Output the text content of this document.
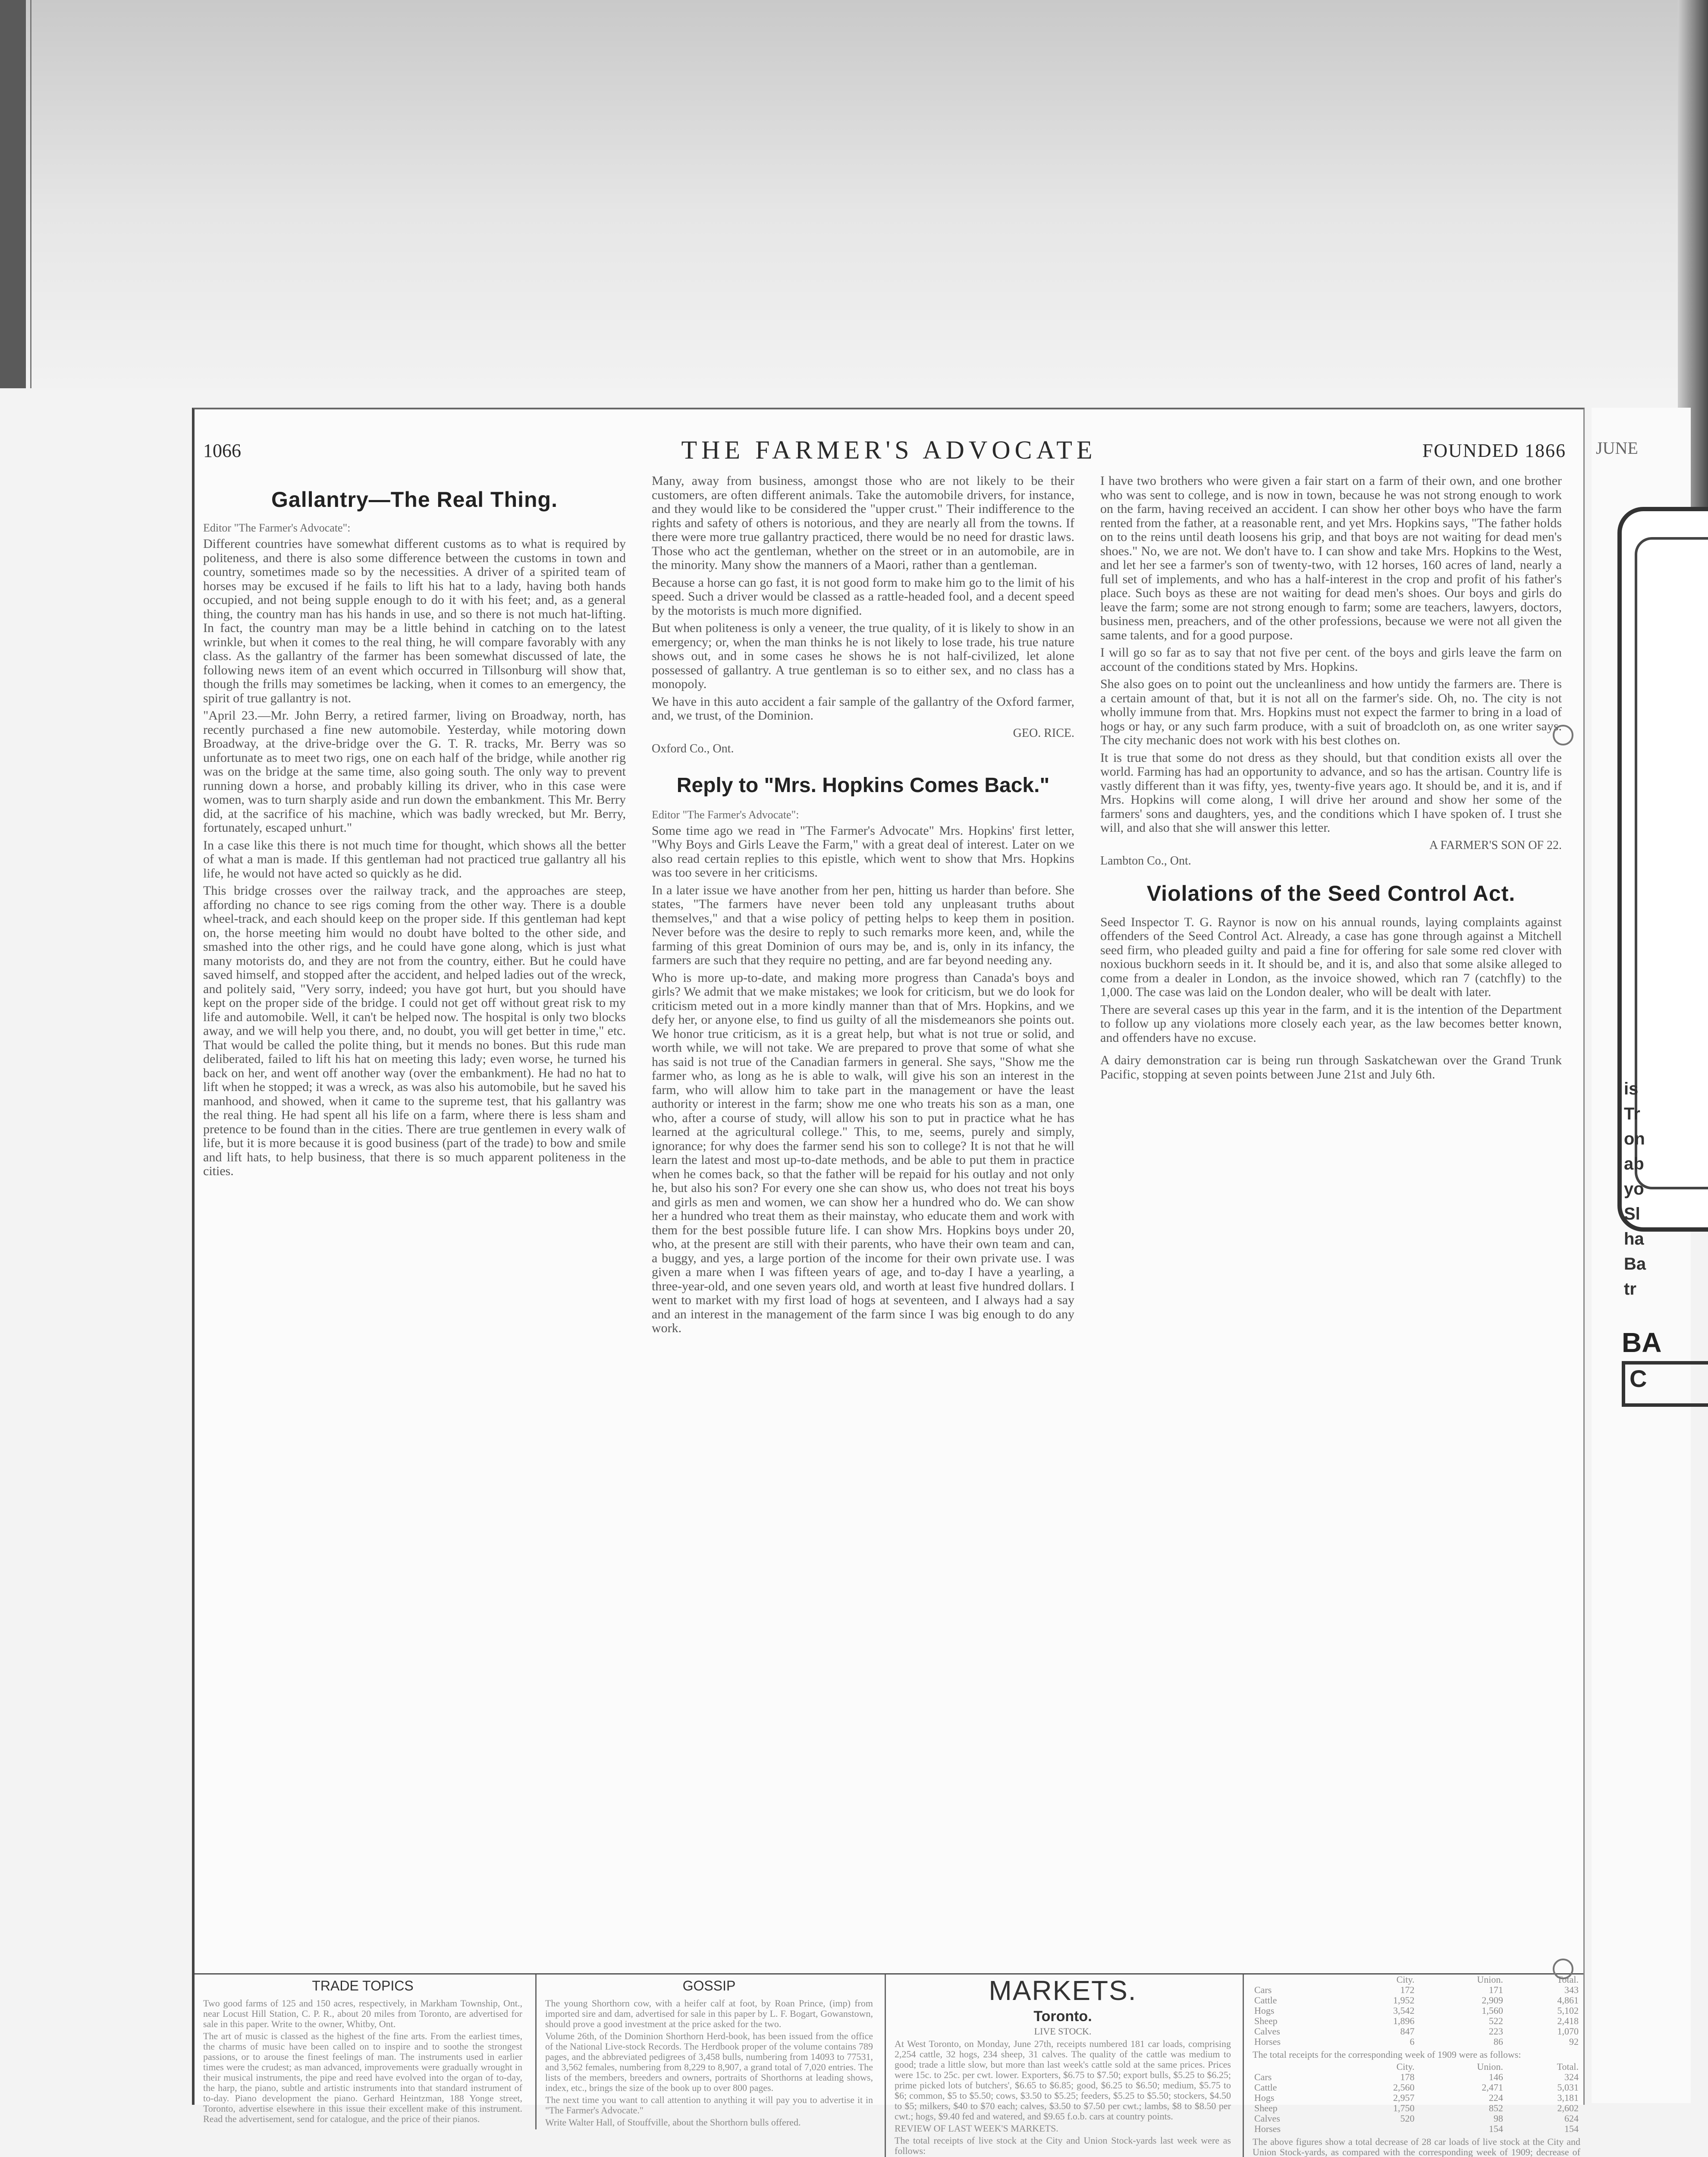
THE FARMER'S ADVOCATE
1066	FOUNDED 1866
Gallantry—The Real Thing.
Editor "The Farmer's Advocate":

Different countries have somewhat different customs as to what is required by politeness, and there is also some difference between the customs in town and country, sometimes made so by the necessities. A driver of a spirited team of horses may be excused if he fails to lift his hat to a lady, having both hands occupied, and not being supple enough to do it with his feet; and, as a general thing, the country man has his hands in use, and so there is not much hat-lifting. In fact, the country man may be a little behind in catching on to the latest wrinkle, but when it comes to the real thing, he will compare favorably with any class. As the gallantry of the farmer has been somewhat discussed of late, the following news item of an event which occurred in Tillsonburg will show that, though the frills may sometimes be lacking, when it comes to an emergency, the spirit of true gallantry is not.

"April 23.—Mr. John Berry, a retired farmer, living on Broadway, north, has recently purchased a fine new automobile. Yesterday, while motoring down Broadway, at the drive-bridge over the G. T. R. tracks, Mr. Berry was so unfortunate as to meet two rigs, one on each half of the bridge, while another rig was on the bridge at the same time, also going south. The only way to prevent running down a horse, and probably killing its driver, who in this case were women, was to turn sharply aside and run down the embankment. This Mr. Berry did, at the sacrifice of his machine, which was badly wrecked, but Mr. Berry, fortunately, escaped unhurt."

In a case like this there is not much time for thought, which shows all the better of what a man is made. If this gentleman had not practiced true gallantry all his life, he would not have acted so quickly as he did.

This bridge crosses over the railway track, and the approaches are steep, affording no chance to see rigs coming from the other way. There is a double wheel-track, and each should keep on the proper side. If this gentleman had kept on, the horse meeting him would no doubt have bolted to the other side, and smashed into the other rigs, and he could have gone along, which is just what many motorists do, and they are not from the country, either. But he could have saved himself, and stopped after the accident, and helped ladies out of the wreck, and politely said, "Very sorry, indeed; you have got hurt, but you should have kept on the proper side of the bridge. I could not get off without great risk to my life and automobile. Well, it can't be helped now. The hospital is only two blocks away, and we will help you there, and, no doubt, you will get better in time," etc. That would be called the polite thing, but it mends no bones. But this rude man deliberated, failed to lift his hat on meeting this lady; even worse, he turned his back on her, and went off another way (over the embankment). He had no hat to lift when he stopped; it was a wreck, as was also his automobile, but he saved his manhood, and showed, when it came to the supreme test, that his gallantry was the real thing. He had spent all his life on a farm, where there is less sham and pretence to be found than in the cities. There are true gentlemen in every walk of life, but it is more because it is good business (part of the trade) to bow and smile and lift hats, to help business, that there is so much apparent politeness in the cities.

Many, away from business, amongst those who are not likely to be their customers, are often different animals. Take the automobile drivers, for instance, and they would like to be considered the "upper crust." Their indifference to the rights and safety of others is notorious, and they are nearly all from the towns. If there were more true gallantry practiced, there would be no need for drastic laws. Those who act the gentleman, whether on the street or in an automobile, are in the minority. Many show the manners of a Maori, rather than a gentleman.

Because a horse can go fast, it is not good form to make him go to the limit of his speed. Such a driver would be classed as a rattle-headed fool, and a decent speed by the motorists is much more dignified.

But when politeness is only a veneer, the true quality, of it is likely to show in an emergency; or, when the man thinks he is not likely to lose trade, his true nature shows out, and in some cases he shows he is not half-civilized, let alone possessed of gallantry. A true gentleman is so to either sex, and no class has a monopoly.

We have in this auto accident a fair sample of the gallantry of the Oxford farmer, and, we trust, of the Dominion.

GEO. RICE.
Oxford Co., Ont.
Reply to "Mrs. Hopkins Comes Back."
Editor "The Farmer's Advocate":

Some time ago we read in "The Farmer's Advocate" Mrs. Hopkins' first letter, "Why Boys and Girls Leave the Farm," with a great deal of interest. Later on we also read certain replies to this epistle, which went to show that Mrs. Hopkins was too severe in her criticisms.

In a later issue we have another from her pen, hitting us harder than before. She states, "The farmers have never been told any unpleasant truths about themselves," and that a wise policy of petting helps to keep them in position. Never before was the desire to reply to such remarks more keen, and, while the farming of this great Dominion of ours may be, and is, only in its infancy, the farmers are such that they require no petting, and are far beyond needing any.

Who is more up-to-date, and making more progress than Canada's boys and girls? We admit that we make mistakes; we look for criticism, but we do look for criticism meted out in a more kindly manner than that of Mrs. Hopkins, and we defy her, or anyone else, to find us guilty of all the misdemeanors she points out. We honor true criticism, as it is a great help, but what is not true or solid, and worth while, we will not take. We are prepared to prove that some of what she has said is not true of the Canadian farmers in general. She says, "Show me the farmer who, as long as he is able to walk, will give his son an interest in the farm, who will allow him to take part in the management or have the least authority or interest in the farm; show me one who treats his son as a man, one who, after a course of study, will allow his son to put in practice what he has learned at the agricultural college." This, to me, seems, purely and simply, ignorance; for why does the farmer send his son to college? It is not that he will learn the latest and most up-to-date methods, and be able to put them in practice when he comes back, so that the father will be repaid for his outlay and not only he, but also his son? For every one she can show us, who does not treat his boys and girls as men and women, we can show her a hundred who do. We can show her a hundred who treat them as their mainstay, who educate them and work with them for the best possible future life. I can show Mrs. Hopkins boys under 20, who, at the present are still with their parents, who have their own team and can, a buggy, and yes, a large portion of the income for their own private use. I was given a mare when I was fifteen years of age, and to-day I have a yearling, a three-year-old, and one seven years old, and worth at least five hundred dollars. I went to market with my first load of hogs at seventeen, and I always had a say and an interest in the management of the farm since I was big enough to do any work.

I have two brothers who were given a fair start on a farm of their own, and one brother who was sent to college, and is now in town, because he was not strong enough to work on the farm, having received an accident. I can show her other boys who have the farm rented from the father, at a reasonable rent, and yet Mrs. Hopkins says, "The father holds on to the reins until death loosens his grip, and that boys are not waiting for dead men's shoes." No, we are not. We don't have to. I can show and take Mrs. Hopkins to the West, and let her see a farmer's son of twenty-two, with 12 horses, 160 acres of land, nearly a full set of implements, and who has a half-interest in the crop and profit of his father's place. Such boys as these are not waiting for dead men's shoes. Our boys and girls do leave the farm; some are not strong enough to farm; some are teachers, lawyers, doctors, business men, preachers, and of the other professions, because we were not all given the same talents, and for a good purpose.

I will go so far as to say that not five per cent. of the boys and girls leave the farm on account of the conditions stated by Mrs. Hopkins.

She also goes on to point out the uncleanliness and how untidy the farmers are. There is a certain amount of that, but it is not all on the farmer's side. Oh, no. The city is not wholly immune from that. Mrs. Hopkins must not expect the farmer to bring in a load of hogs or hay, or any such farm produce, with a suit of broadcloth on, as one writer says. The city mechanic does not work with his best clothes on.

It is true that some do not dress as they should, but that condition exists all over the world. Farming has had an opportunity to advance, and so has the artisan. Country life is vastly different than it was fifty, yes, twenty-five years ago. It should be, and it is, and if Mrs. Hopkins will come along, I will drive her around and show her some of the farmers' sons and daughters, yes, and the conditions which I have spoken of. I trust she will, and also that she will answer this letter.

A FARMER'S SON OF 22.
Lambton Co., Ont.
Violations of the Seed Control Act.

Seed Inspector T. G. Raynor is now on his annual rounds, laying complaints against offenders of the Seed Control Act. Already, a case has gone through against a Mitchell seed firm, who pleaded guilty and paid a fine for offering for sale some red clover with noxious buckhorn seeds in it. It should be, and it is, and also that some alsike alleged to come from a dealer in London, as the invoice showed, which ran 7 (catchfly) to the 1,000. The case was laid on the London dealer, who will be dealt with later.

There are several cases up this year in the farm, and it is the intention of the Department to follow up any violations more closely each year, as the law becomes better known, and offenders have no excuse.

A dairy demonstration car is being run through Saskatchewan over the Grand Trunk Pacific, stopping at seven points between June 21st and July 6th.

TRADE TOPICS

Two good farms of 125 and 150 acres, respectively, in Markham Township, Ont., near Locust Hill Station, C. P. R., about 20 miles from Toronto, are advertised for sale in this paper. Write to the owner, Whitby, Ont.

The art of music is classed as the highest of the fine arts. From the earliest times, the charms of music have been called on to inspire and to soothe the strongest passions, or to arouse the finest feelings of man. The instruments used in earlier times were the crudest; as man advanced, improvements were gradually wrought in their musical instruments, the pipe and reed have evolved into the organ of to-day, the harp, the piano, subtle and artistic instruments into that standard instrument of to-day. Piano development the piano. Gerhard Heintzman, 188 Yonge street, Toronto, advertise elsewhere in this issue their excellent make of this instrument. Read the advertisement, send for catalogue, and the price of their pianos.

GOSSIP

The young Shorthorn cow, with a heifer calf at foot, by Roan Prince, (imp) from imported sire and dam, advertised for sale in this paper by L. F. Bogart, Gowanstown, should prove a good investment at the price asked for the two.

Volume 26th, of the Dominion Shorthorn Herd-book, has been issued from the office of the National Live-stock Records. The Herdbook proper of the volume contains 789 pages, and the abbreviated pedigrees of 3,458 bulls, numbering from 14093 to 77531, and 3,562 females, numbering from 8,229 to 8,907, a grand total of 7,020 entries. The lists of the members, breeders and owners, portraits of Shorthorns at leading shows, index, etc., brings the size of the book up to over 800 pages.

The next time you want to call attention to anything it will pay you to advertise it in "The Farmer's Advocate."

Write Walter Hall, of Stouffville, about the Shorthorn bulls offered.

MARKETS.
Toronto.
LIVE STOCK.

At West Toronto, on Monday, June 27th, receipts numbered 181 car loads, comprising 2,254 cattle, 32 hogs, 234 sheep, 31 calves. The quality of the cattle was medium to good; trade a little slow, but more than last week's cattle sold at the same prices. Prices were 15c. to 25c. per cwt. lower. Exporters, $6.75 to $7.50; export bulls, $5.25 to $6.25; prime picked lots of butchers', $6.65 to $6.85; good, $6.25 to $6.50; medium, $5.75 to $6; common, $5 to $5.50; cows, $3.50 to $5.25; feeders, $5.25 to $5.50; stockers, $4.50 to $5; milkers, $40 to $70 each; calves, $3.50 to $7.50 per cwt.; lambs, $8 to $8.50 per cwt.; hogs, $9.40 fed and watered, and $9.65 f.o.b. cars at country points.

REVIEW OF LAST WEEK'S MARKETS.

The total receipts of live stock at the City and Union Stock-yards last week were as follows:

	City.	Union.	Total.
Cars	172	171	343
Cattle	1,952	2,909	4,861
Hogs	3,542	1,560	5,102
Sheep	1,896	522	2,418
Calves	847	223	1,070
Horses	6	86	92

The total receipts for the corresponding week of 1909 were as follows:

	City.	Union.	Total.
Cars	178	146	324
Cattle	2,560	2,471	5,031
Hogs	2,957	224	3,181
Sheep	1,750	852	2,602
Calves	520	98	624
Horses		154	154

The above figures show a total decrease of 28 car loads of live stock at the City and Union Stock-yards, as compared with the corresponding week of 1909; decrease of

JUNE
is
Tr
on
ab
yo
Sl
ha
Ba
tr
BA
C
